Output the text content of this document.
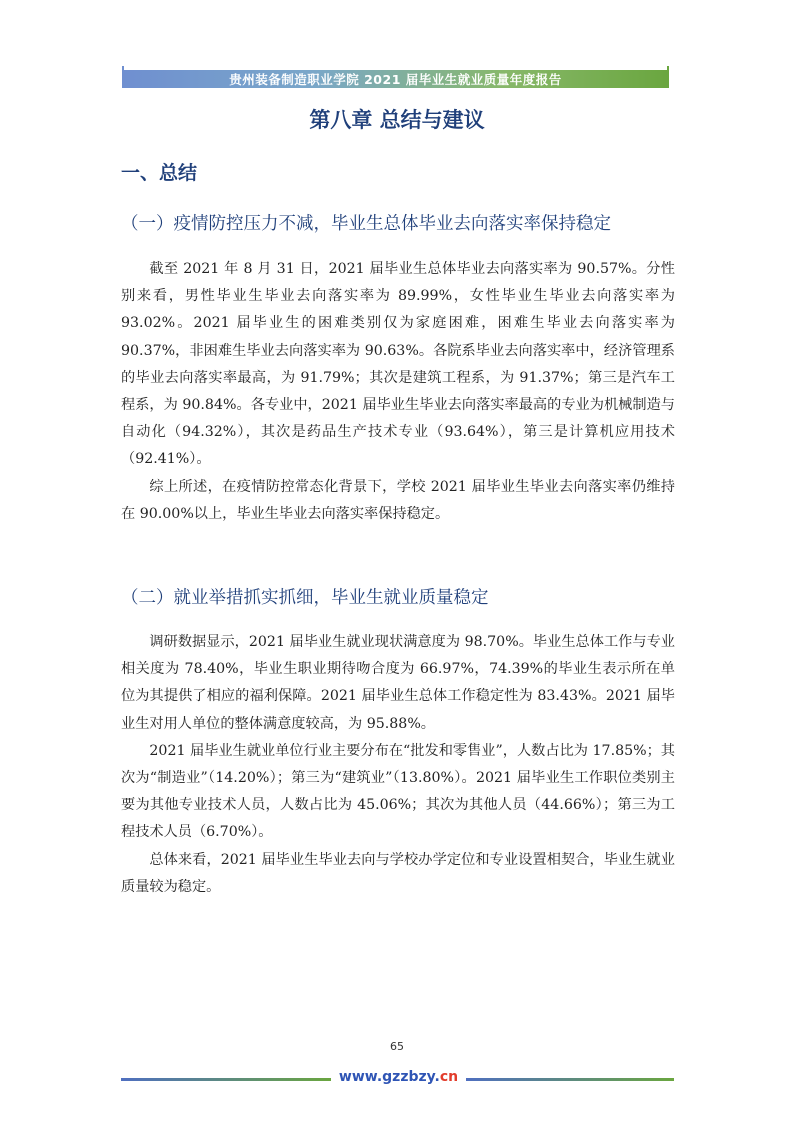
贵州装备制造职业学院 2021 届毕业生就业质量年度报告
第八章 总结与建议
一、总结
（一）疫情防控压力不减，毕业生总体毕业去向落实率保持稳定

截至 2021 年 8 月 31 日，2021 届毕业生总体毕业去向落实率为 90.57%。分性别来看，男性毕业生毕业去向落实率为 89.99%，女性毕业生毕业去向落实率为 93.02%。2021 届毕业生的困难类别仅为家庭困难，困难生毕业去向落实率为 90.37%，非困难生毕业去向落实率为 90.63%。各院系毕业去向落实率中，经济管理系的毕业去向落实率最高，为 91.79%；其次是建筑工程系，为 91.37%；第三是汽车工程系，为 90.84%。各专业中，2021 届毕业生毕业去向落实率最高的专业为机械制造与自动化（94.32%），其次是药品生产技术专业（93.64%），第三是计算机应用技术（92.41%）。

综上所述，在疫情防控常态化背景下，学校 2021 届毕业生毕业去向落实率仍维持在 90.00%以上，毕业生毕业去向落实率保持稳定。

（二）就业举措抓实抓细，毕业生就业质量稳定

调研数据显示，2021 届毕业生就业现状满意度为 98.70%。毕业生总体工作与专业相关度为 78.40%，毕业生职业期待吻合度为 66.97%，74.39%的毕业生表示所在单位为其提供了相应的福利保障。2021 届毕业生总体工作稳定性为 83.43%。2021 届毕业生对用人单位的整体满意度较高，为 95.88%。

2021 届毕业生就业单位行业主要分布在“批发和零售业”，人数占比为 17.85%；其次为“制造业”（14.20%）；第三为“建筑业”（13.80%）。2021 届毕业生工作职位类别主要为其他专业技术人员，人数占比为 45.06%；其次为其他人员（44.66%）；第三为工程技术人员（6.70%）。

总体来看，2021 届毕业生毕业去向与学校办学定位和专业设置相契合，毕业生就业质量较为稳定。

65
www.gzzbzy.cn
